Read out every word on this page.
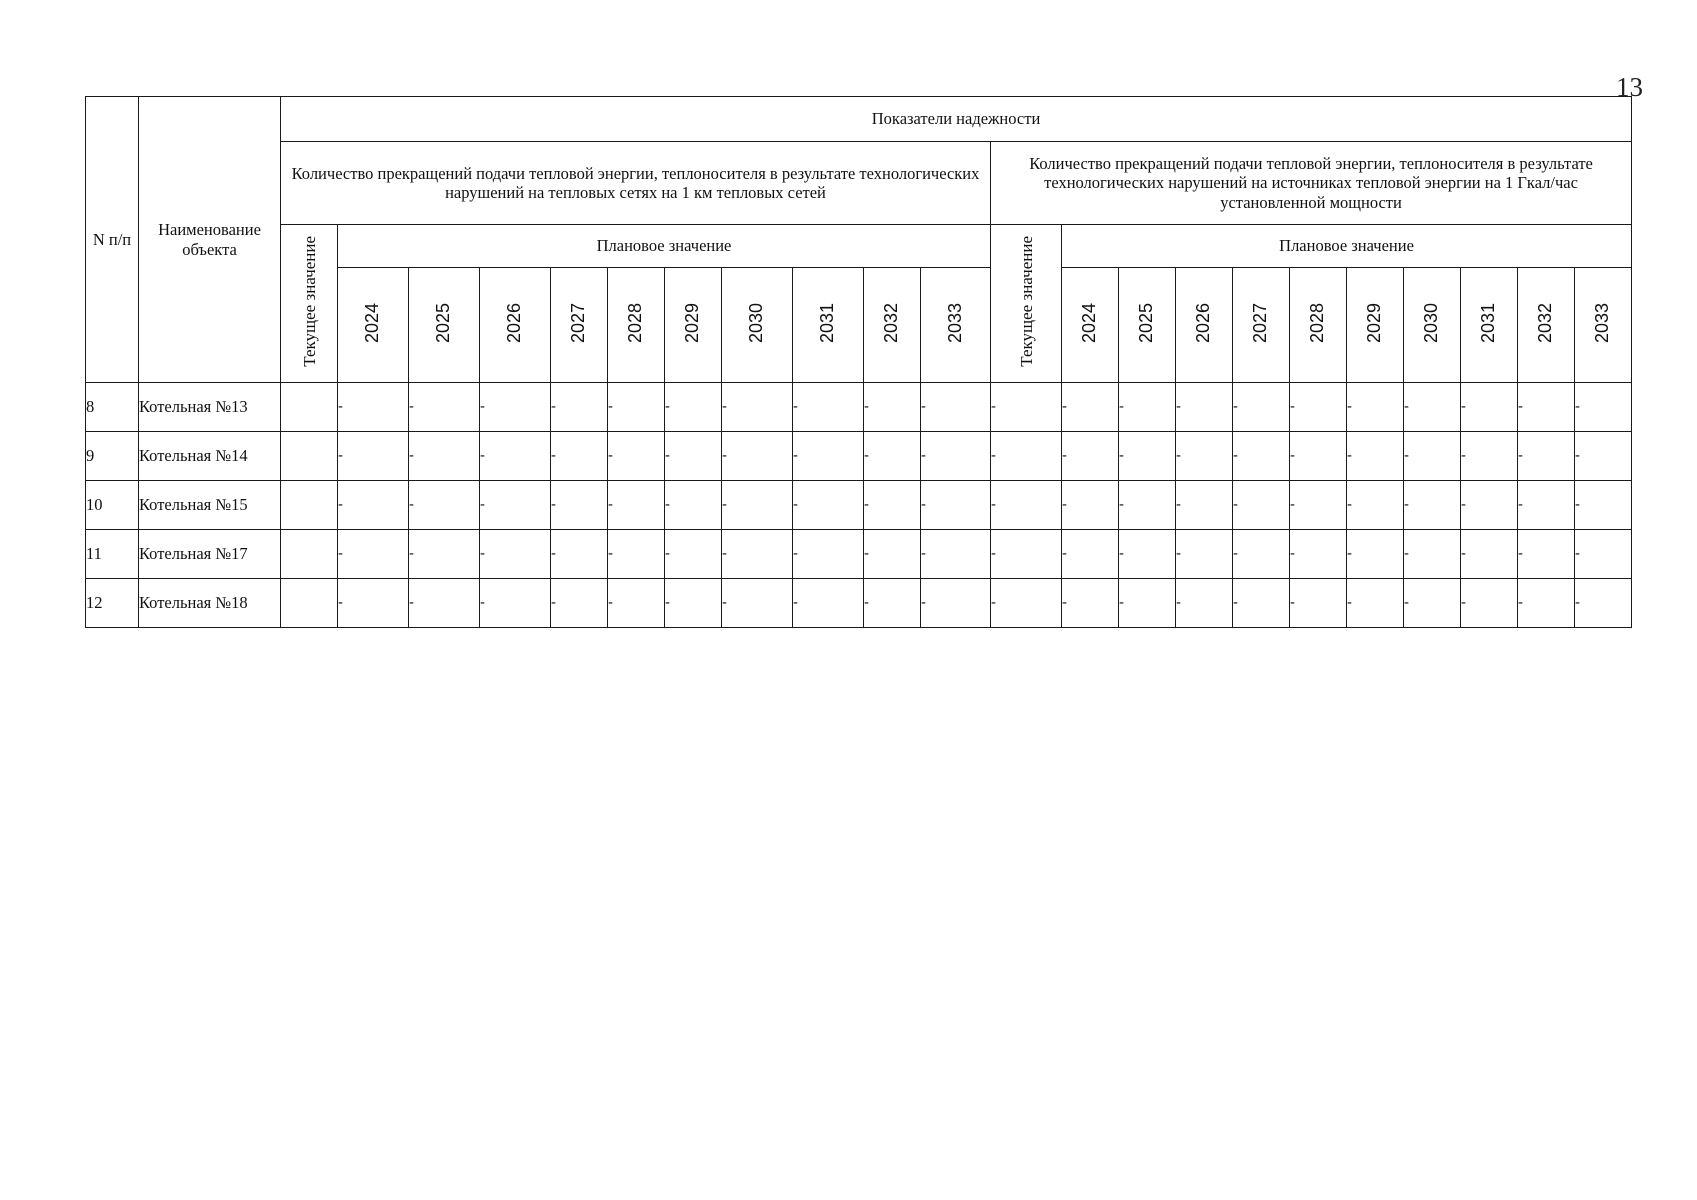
13
N п/п	Наименование объекта	Показатели надежности																					
		Количество прекращений подачи тепловой энергии, теплоносителя в результате технологических нарушений на тепловых сетях на 1 км тепловых сетей											Количество прекращений подачи тепловой энергии, теплоносителя в результате технологических нарушений на источниках тепловой энергии на 1 Гкал/час установленной мощности										
		Текущее значение	Плановое значение										Текущее значение	Плановое значение									
			2024	2025	2026	2027	2028	2029	2030	2031	2032	2033		2024	2025	2026	2027	2028	2029	2030	2031	2032	2033
8	Котельная №13		-	-	-	-	-	-	-	-	-	-	-	-	-	-	-	-	-	-	-	-	-
9	Котельная №14		-	-	-	-	-	-	-	-	-	-	-	-	-	-	-	-	-	-	-	-	-
10	Котельная №15		-	-	-	-	-	-	-	-	-	-	-	-	-	-	-	-	-	-	-	-	-
11	Котельная №17		-	-	-	-	-	-	-	-	-	-	-	-	-	-	-	-	-	-	-	-	-
12	Котельная №18		-	-	-	-	-	-	-	-	-	-	-	-	-	-	-	-	-	-	-	-	-
